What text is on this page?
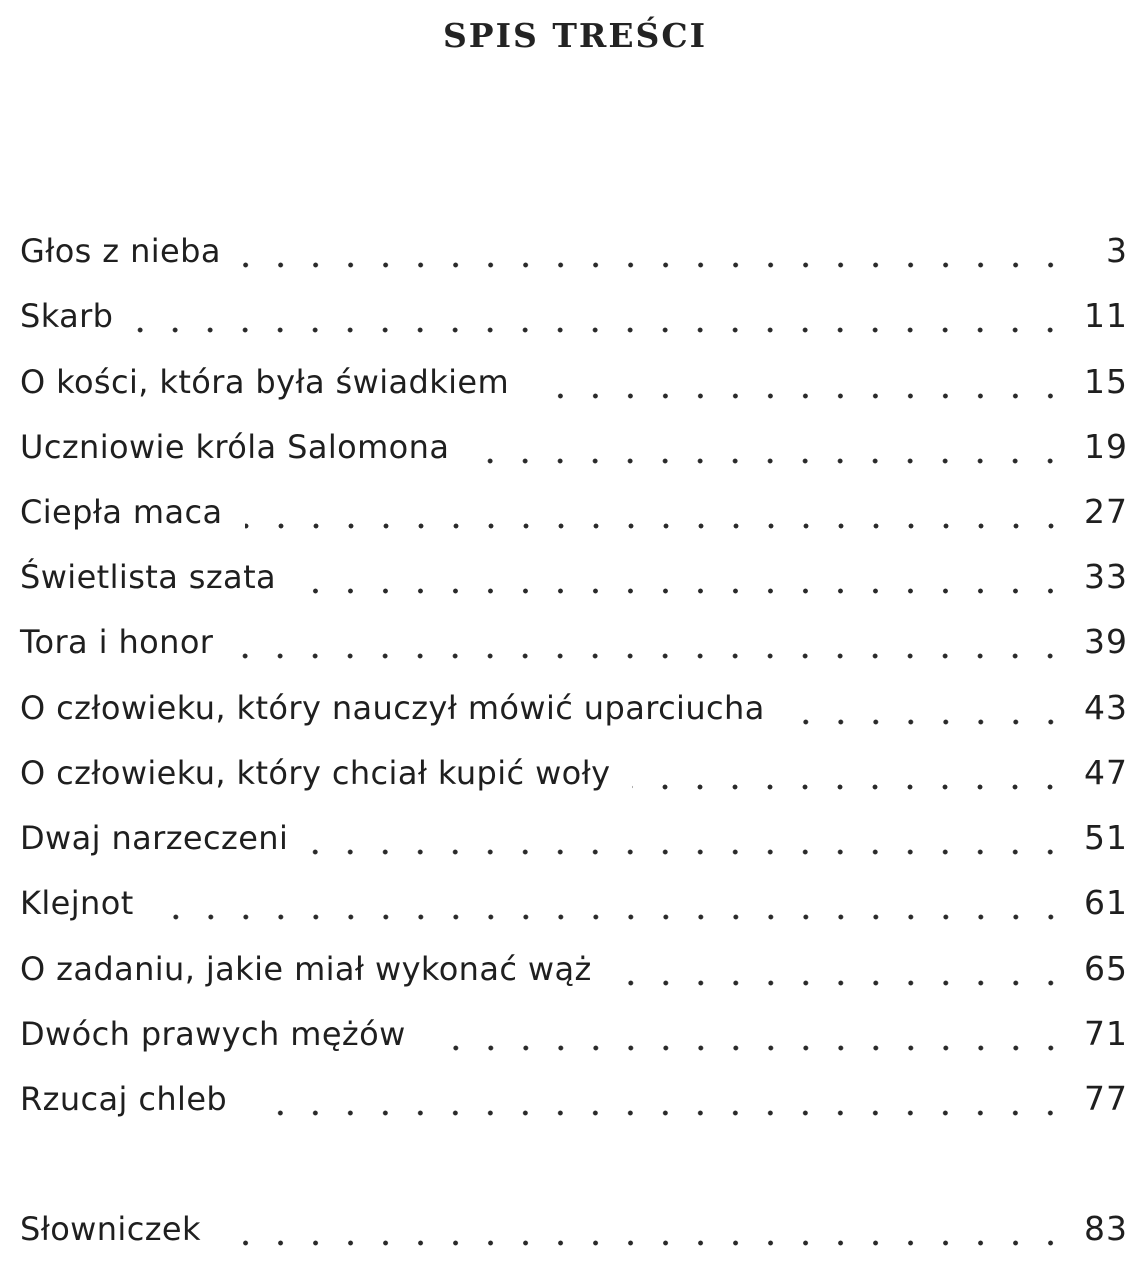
SPIS TREŚCI
Głos z nieba	3
Skarb	11
O kości, która była świadkiem	15
Uczniowie króla Salomona	19
Ciepła maca	27
Świetlista szata	33
Tora i honor	39
O człowieku, który nauczył mówić uparciucha	43
O człowieku, który chciał kupić woły	47
Dwaj narzeczeni	51
Klejnot	61
O zadaniu, jakie miał wykonać wąż	65
Dwóch prawych mężów	71
Rzucaj chleb	77
Słowniczek	83
